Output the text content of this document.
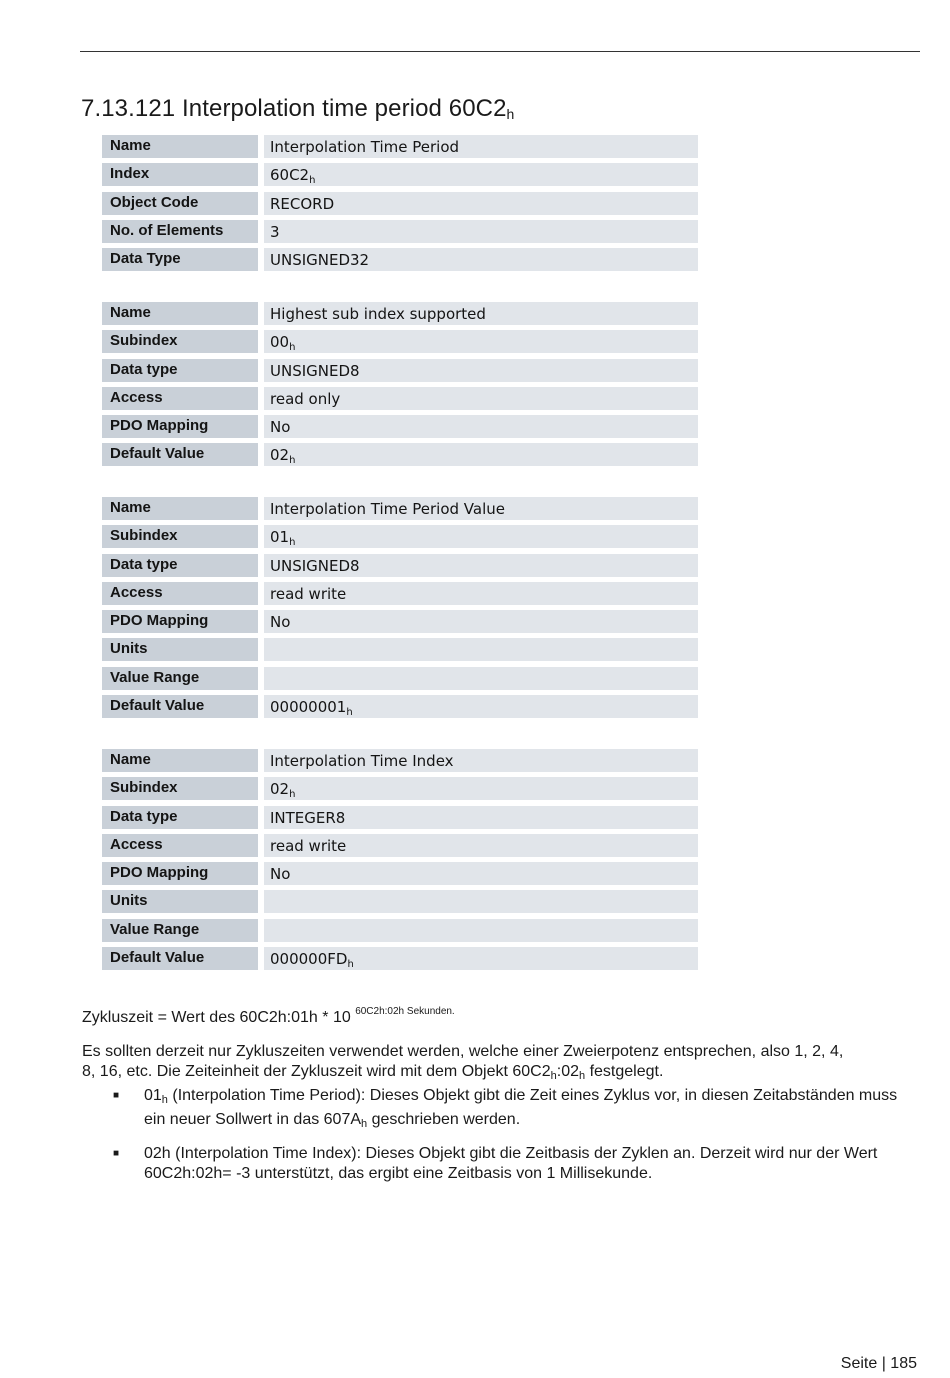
7.13.121 Interpolation time period $60C2_h$
Name	Interpolation Time Period
Index	$60C2_h$
Object Code	RECORD
No. of Elements	3
Data Type	UNSIGNED32
Name	Highest sub index supported
Subindex	$00_h$
Data type	UNSIGNED8
Access	read only
PDO Mapping	No
Default Value	$02_h$
Name	Interpolation Time Period Value
Subindex	$01_h$
Data type	UNSIGNED8
Access	read write
PDO Mapping	No
Units
Value Range
Default Value	$00000001_h$
Name	Interpolation Time Index
Subindex	$02_h$
Data type	INTEGER8
Access	read write
PDO Mapping	No
Units
Value Range
Default Value	$000000FD_h$

Zykluszeit = Wert des 60C2h:01h * 10 $^{60C2h:02h Sekunden.}$

Es sollten derzeit nur Zykluszeiten verwendet werden, welche einer Zweierpotenz entsprechen, also 1, 2, 4,
8, 16, etc. Die Zeiteinheit der Zykluszeit wird mit dem Objekt $60C2_h:02_h$ festgelegt.

■ $01_h$ (Interpolation Time Period): Dieses Objekt gibt die Zeit eines Zyklus vor, in diesen Zeitabständen muss ein neuer Sollwert in das $607A_h$ geschrieben werden.
■ 02h (Interpolation Time Index): Dieses Objekt gibt die Zeitbasis der Zyklen an. Derzeit wird nur der Wert 60C2h:02h= -3 unterstützt, das ergibt eine Zeitbasis von 1 Millisekunde.
Seite | 185
